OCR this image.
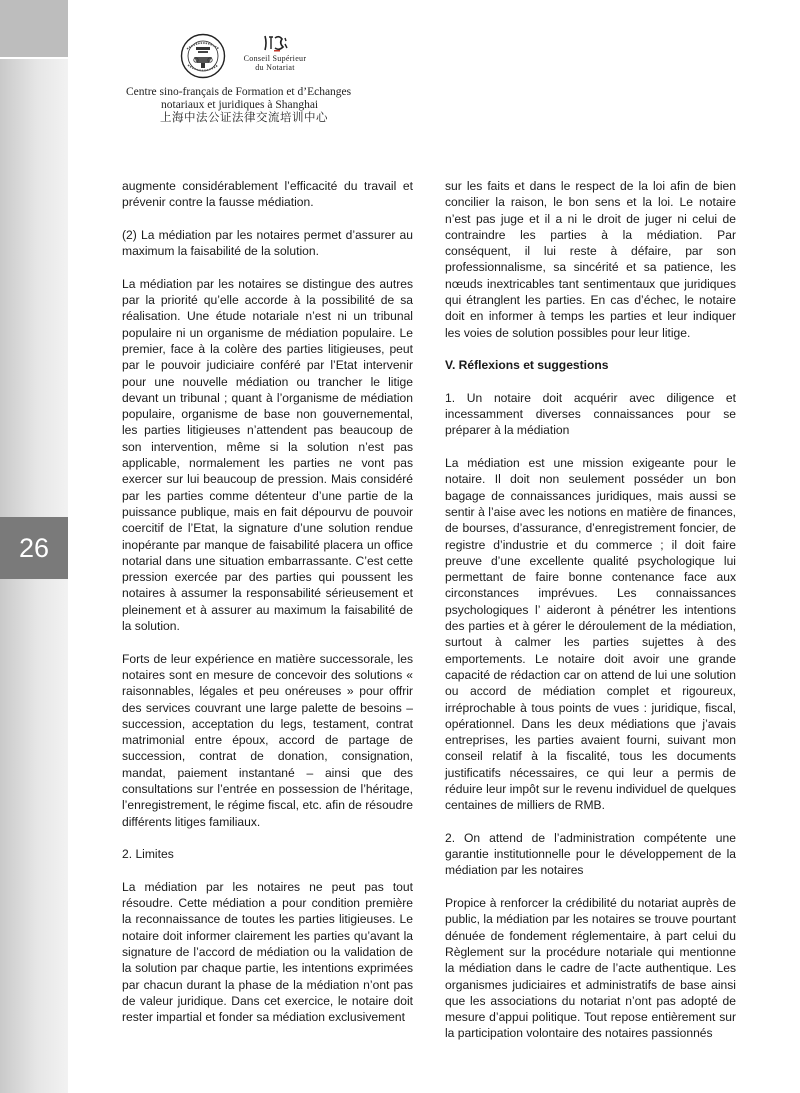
26
Conseil Supérieur
du Notariat
Centre sino-français de Formation et d’Echanges
notariaux et juridiques à Shanghai
上海中法公证法律交流培训中心

augmente considérablement l’efficacité du travail et prévenir contre la fausse médiation.

(2) La médiation par les notaires permet d’assurer au maximum la faisabilité de la solution.

La médiation par les notaires se distingue des autres par la priorité qu’elle accorde à la possibilité de sa réalisation. Une étude notariale n’est ni un tribunal populaire ni un organisme de médiation populaire. Le premier, face à la colère des parties litigieuses, peut par le pouvoir judiciaire conféré par l’Etat intervenir pour une nouvelle médiation ou trancher le litige devant un tribunal ; quant à l’organisme de médiation populaire, organisme de base non gouvernemental, les parties litigieuses n’attendent pas beaucoup de son intervention, même si la solution n’est pas applicable, normalement les parties ne vont pas exercer sur lui beaucoup de pression. Mais considéré par les parties comme détenteur d’une partie de la puissance publique, mais en fait dépourvu de pouvoir coercitif de l’Etat, la signature d’une solution rendue inopérante par manque de faisabilité placera un office notarial dans une situation embarrassante. C’est cette pression exercée par des parties qui poussent les notaires à assumer la responsabilité sérieusement et pleinement et à assurer au maximum la faisabilité de la solution.

Forts de leur expérience en matière successorale, les notaires sont en mesure de concevoir des solutions « raisonnables, légales et peu onéreuses » pour offrir des services couvrant une large palette de besoins – succession, acceptation du legs, testament, contrat matrimonial entre époux, accord de partage de succession, contrat de donation, consignation, mandat, paiement instantané – ainsi que des consultations sur l’entrée en possession de l’héritage, l’enregistrement, le régime fiscal, etc. afin de résoudre différents litiges familiaux.

2. Limites

La médiation par les notaires ne peut pas tout résoudre. Cette médiation a pour condition première la reconnaissance de toutes les parties litigieuses. Le notaire doit informer clairement les parties qu’avant la signature de l’accord de médiation ou la validation de la solution par chaque partie, les intentions exprimées par chacun durant la phase de la médiation n’ont pas de valeur juridique. Dans cet exercice, le notaire doit rester impartial et fonder sa médiation exclusivement

sur les faits et dans le respect de la loi afin de bien concilier la raison, le bon sens et la loi. Le notaire n’est pas juge et il a ni le droit de juger ni celui de contraindre les parties à la médiation. Par conséquent, il lui reste à défaire, par son professionnalisme, sa sincérité et sa patience, les nœuds inextricables tant sentimentaux que juridiques qui étranglent les parties. En cas d’échec, le notaire doit en informer à temps les parties et leur indiquer les voies de solution possibles pour leur litige.

V. Réflexions et suggestions

1. Un notaire doit acquérir avec diligence et incessamment diverses connaissances pour se préparer à la médiation

La médiation est une mission exigeante pour le notaire. Il doit non seulement posséder un bon bagage de connaissances juridiques, mais aussi se sentir à l’aise avec les notions en matière de finances, de bourses, d’assurance, d’enregistrement foncier, de registre d’industrie et du commerce ; il doit faire preuve d’une excellente qualité psychologique lui permettant de faire bonne contenance face aux circonstances imprévues. Les connaissances psychologiques l’ aideront à pénétrer les intentions des parties et à gérer le déroulement de la médiation, surtout à calmer les parties sujettes à des emportements. Le notaire doit avoir une grande capacité de rédaction car on attend de lui une solution ou accord de médiation complet et rigoureux, irréprochable à tous points de vues : juridique, fiscal, opérationnel. Dans les deux médiations que j’avais entreprises, les parties avaient fourni, suivant mon conseil relatif à la fiscalité, tous les documents justificatifs nécessaires, ce qui leur a permis de réduire leur impôt sur le revenu individuel de quelques centaines de milliers de RMB.

2. On attend de l’administration compétente une garantie institutionnelle pour le développement de la médiation par les notaires

Propice à renforcer la crédibilité du notariat auprès de public, la médiation par les notaires se trouve pourtant dénuée de fondement réglementaire, à part celui du Règlement sur la procédure notariale qui mentionne la médiation dans le cadre de l’acte authentique. Les organismes judiciaires et administratifs de base ainsi que les associations du notariat n’ont pas adopté de mesure d’appui politique. Tout repose entièrement sur la participation volontaire des notaires passionnés
